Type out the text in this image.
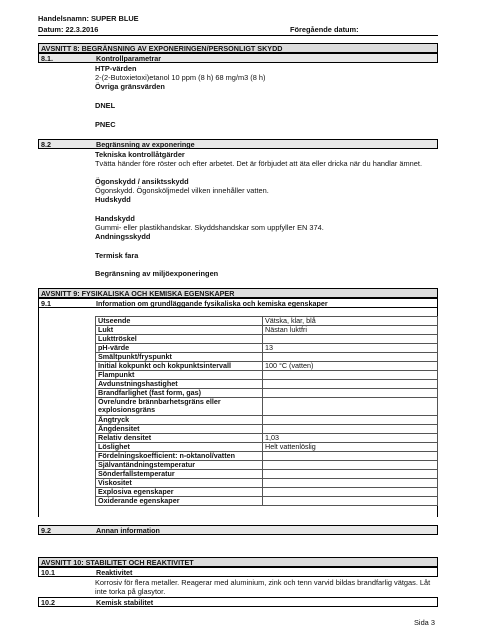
Handelsnamn: SUPER BLUE
Datum: 22.3.2016	Föregående datum:
AVSNITT 8: BEGRÄNSNING AV EXPONERINGEN/PERSONLIGT SKYDD
8.1.	Kontrollparametrar
HTP-värden
2-(2-Butoxietoxi)etanol 10 ppm (8 h) 68 mg/m3 (8 h)
Övriga gränsvärden
DNEL
PNEC
8.2	Begränsning av exponeringe
Tekniska kontrollåtgärder
Tvätta händer före röster och efter arbetet. Det är förbjudet att äta eller dricka när du handlar ämnet.
Ögonskydd / ansiktsskydd
Ögonskydd. Ögonsköljmedel vilken innehåller vatten.
Hudskydd
Handskydd
Gummi- eller plastikhandskar. Skyddshandskar som uppfyller EN 374.
Andningsskydd
Termisk fara
Begränsning av miljöexponeringen
AVSNITT 9: FYSIKALISKA OCH KEMISKA EGENSKAPER
9.1	Information om grundläggande fysikaliska och kemiska egenskaper
Utseende	Vätska, klar, blå
Lukt	Nästan luktfri
Lukttröskel	
pH-värde	13
Smältpunkt/fryspunkt	
Initial kokpunkt och kokpunktsintervall	100 °C (vatten)
Flampunkt	
Avdunstningshastighet	
Brandfarlighet (fast form, gas)	
Övre/undre brännbarhetsgräns eller explosionsgräns	
Ångtryck	
Ångdensitet	
Relativ densitet	1,03
Löslighet	Helt vattenlöslig
Fördelningskoefficient: n-oktanol/vatten	
Självantändningstemperatur	
Sönderfallstemperatur	
Viskositet	
Explosiva egenskaper	
Oxiderande egenskaper	
9.2	Annan information
AVSNITT 10: STABILITET OCH REAKTIVITET
10.1	Reaktivitet
Korrosiv för flera metaller. Reagerar med aluminium, zink och tenn varvid bildas brandfarlig vätgas. Låt inte torka på glasytor.
10.2	Kemisk stabilitet
Sida 3
